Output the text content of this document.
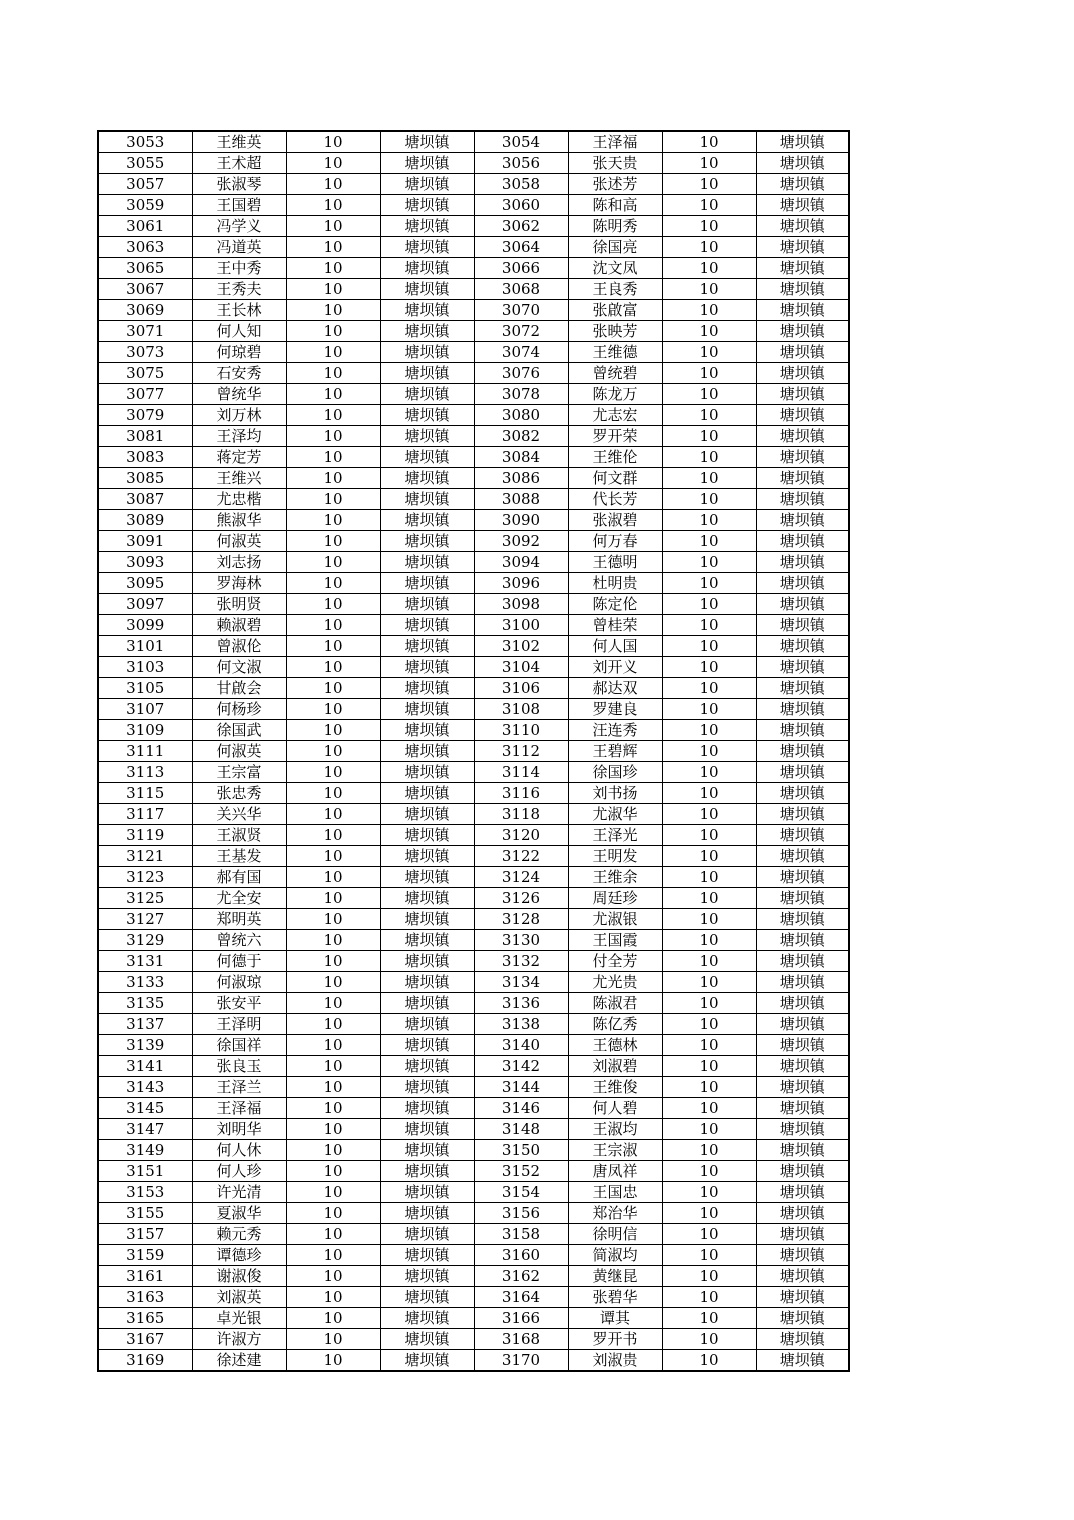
3053	王维英	10	塘坝镇	3054	王泽福	10	塘坝镇
3055	王术超	10	塘坝镇	3056	张天贵	10	塘坝镇
3057	张淑琴	10	塘坝镇	3058	张述芳	10	塘坝镇
3059	王国碧	10	塘坝镇	3060	陈和高	10	塘坝镇
3061	冯学义	10	塘坝镇	3062	陈明秀	10	塘坝镇
3063	冯道英	10	塘坝镇	3064	徐国亮	10	塘坝镇
3065	王中秀	10	塘坝镇	3066	沈文凤	10	塘坝镇
3067	王秀夫	10	塘坝镇	3068	王良秀	10	塘坝镇
3069	王长林	10	塘坝镇	3070	张啟富	10	塘坝镇
3071	何人知	10	塘坝镇	3072	张映芳	10	塘坝镇
3073	何琼碧	10	塘坝镇	3074	王维德	10	塘坝镇
3075	石安秀	10	塘坝镇	3076	曾统碧	10	塘坝镇
3077	曾统华	10	塘坝镇	3078	陈龙万	10	塘坝镇
3079	刘万林	10	塘坝镇	3080	尤志宏	10	塘坝镇
3081	王泽均	10	塘坝镇	3082	罗开荣	10	塘坝镇
3083	蒋定芳	10	塘坝镇	3084	王维伦	10	塘坝镇
3085	王维兴	10	塘坝镇	3086	何文群	10	塘坝镇
3087	尤忠楷	10	塘坝镇	3088	代长芳	10	塘坝镇
3089	熊淑华	10	塘坝镇	3090	张淑碧	10	塘坝镇
3091	何淑英	10	塘坝镇	3092	何万春	10	塘坝镇
3093	刘志扬	10	塘坝镇	3094	王德明	10	塘坝镇
3095	罗海林	10	塘坝镇	3096	杜明贵	10	塘坝镇
3097	张明贤	10	塘坝镇	3098	陈定伦	10	塘坝镇
3099	赖淑碧	10	塘坝镇	3100	曾桂荣	10	塘坝镇
3101	曾淑伦	10	塘坝镇	3102	何人国	10	塘坝镇
3103	何文淑	10	塘坝镇	3104	刘开义	10	塘坝镇
3105	甘啟会	10	塘坝镇	3106	郝达双	10	塘坝镇
3107	何杨珍	10	塘坝镇	3108	罗建良	10	塘坝镇
3109	徐国武	10	塘坝镇	3110	汪连秀	10	塘坝镇
3111	何淑英	10	塘坝镇	3112	王碧辉	10	塘坝镇
3113	王宗富	10	塘坝镇	3114	徐国珍	10	塘坝镇
3115	张忠秀	10	塘坝镇	3116	刘书扬	10	塘坝镇
3117	关兴华	10	塘坝镇	3118	尤淑华	10	塘坝镇
3119	王淑贤	10	塘坝镇	3120	王泽光	10	塘坝镇
3121	王基发	10	塘坝镇	3122	王明发	10	塘坝镇
3123	郝有国	10	塘坝镇	3124	王维余	10	塘坝镇
3125	尤全安	10	塘坝镇	3126	周廷珍	10	塘坝镇
3127	郑明英	10	塘坝镇	3128	尤淑银	10	塘坝镇
3129	曾统六	10	塘坝镇	3130	王国霞	10	塘坝镇
3131	何德于	10	塘坝镇	3132	付全芳	10	塘坝镇
3133	何淑琼	10	塘坝镇	3134	尤光贵	10	塘坝镇
3135	张安平	10	塘坝镇	3136	陈淑君	10	塘坝镇
3137	王泽明	10	塘坝镇	3138	陈亿秀	10	塘坝镇
3139	徐国祥	10	塘坝镇	3140	王德林	10	塘坝镇
3141	张良玉	10	塘坝镇	3142	刘淑碧	10	塘坝镇
3143	王泽兰	10	塘坝镇	3144	王维俊	10	塘坝镇
3145	王泽福	10	塘坝镇	3146	何人碧	10	塘坝镇
3147	刘明华	10	塘坝镇	3148	王淑均	10	塘坝镇
3149	何人休	10	塘坝镇	3150	王宗淑	10	塘坝镇
3151	何人珍	10	塘坝镇	3152	唐凤祥	10	塘坝镇
3153	许光清	10	塘坝镇	3154	王国忠	10	塘坝镇
3155	夏淑华	10	塘坝镇	3156	郑治华	10	塘坝镇
3157	赖元秀	10	塘坝镇	3158	徐明信	10	塘坝镇
3159	谭德珍	10	塘坝镇	3160	简淑均	10	塘坝镇
3161	谢淑俊	10	塘坝镇	3162	黄继昆	10	塘坝镇
3163	刘淑英	10	塘坝镇	3164	张碧华	10	塘坝镇
3165	卓光银	10	塘坝镇	3166	谭其	10	塘坝镇
3167	许淑方	10	塘坝镇	3168	罗开书	10	塘坝镇
3169	徐述建	10	塘坝镇	3170	刘淑贵	10	塘坝镇
